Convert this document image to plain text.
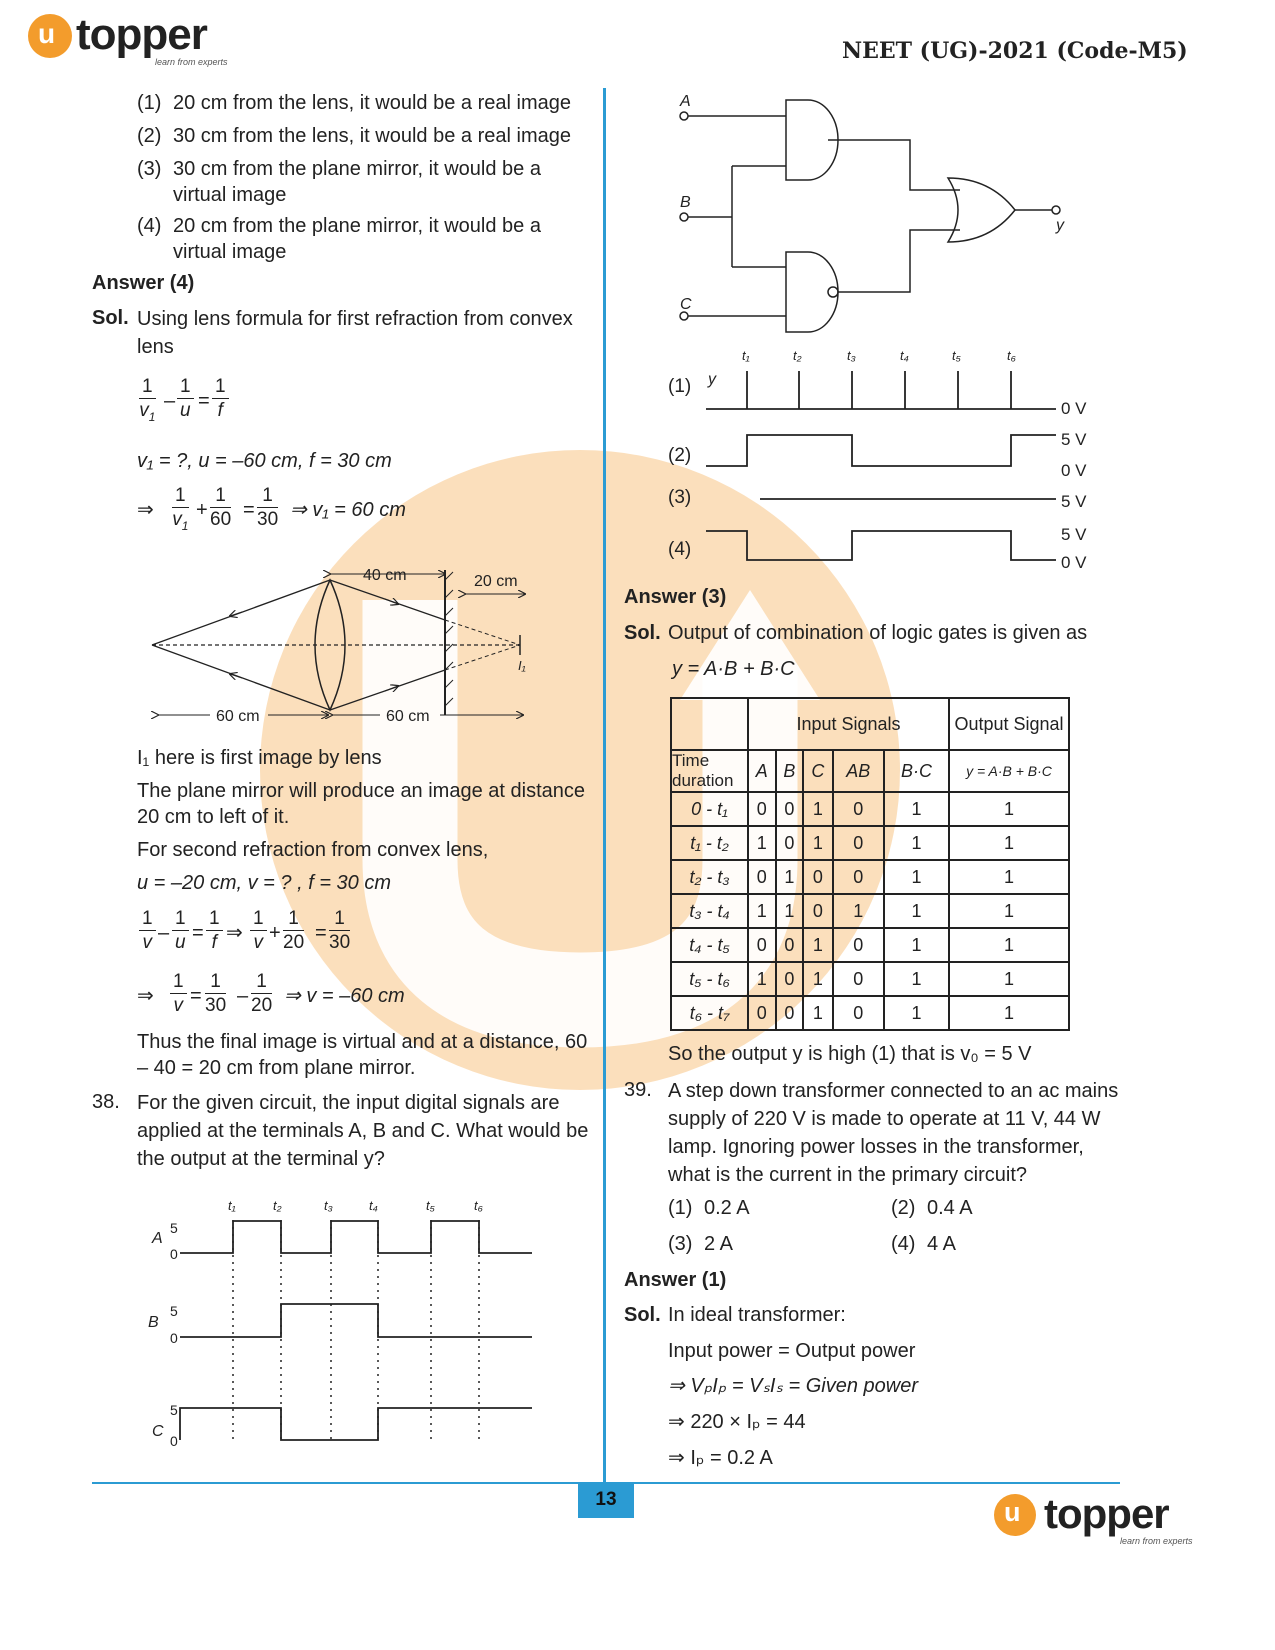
u topper
learn from experts	NEET (UG)-2021 (Code-M5)
(1) 20 cm from the lens, it would be a real image
(2) 30 cm from the lens, it would be a real image
(3) 30 cm from the plane mirror, it would be a virtual image
(4) 20 cm from the plane mirror, it would be a virtual image
Answer (4)
Sol. Using lens formula for first refraction from convex lens
$\frac{1}{v_1} - \frac{1}{u} = \frac{1}{f}$
v₁ = ?, u = –60 cm, f = 30 cm
⇒ $\frac{1}{v_1} + \frac{1}{60} = \frac{1}{30}$ ⇒ v₁ = 60 cm
40 cm	20 cm
60 cm	60 cm
I₁
I₁ here is first image by lens
The plane mirror will produce an image at distance 20 cm to left of it.
For second refraction from convex lens,
u = –20 cm, v = ? , f = 30 cm
$\frac{1}{v} - \frac{1}{u} = \frac{1}{f}$ ⇒ $\frac{1}{v} + \frac{1}{20} = \frac{1}{30}$
⇒ $\frac{1}{v} = \frac{1}{30} - \frac{1}{20}$ ⇒ v = –60 cm
Thus the final image is virtual and at a distance, 60 – 40 = 20 cm from plane mirror.
38. For the given circuit, the input digital signals are applied at the terminals A, B and C. What would be the output at the terminal y?
t₁	t₂	t₃	t₄	t₅	t₆
A
5
0
B
5
0
C
5
0
A
B
C
y
t₁	t₂	t₃	t₄	t₅	t₆
(1) y
(2)
(3)
(4)
0 V
5 V
0 V
5 V
5 V
0 V
Answer (3)
Sol. Output of combination of logic gates is given as
y = A·B + B·C
	Input Signals					Output Signal
Time duration	A	B	C	AB	B·C	y = A·B + B·C
0 - t₁	0	0	1	0	1	1
t₁ - t₂	1	0	1	0	1	1
t₂ - t₃	0	1	0	0	1	1
t₃ - t₄	1	1	0	1	1	1
t₄ - t₅	0	0	1	0	1	1
t₅ - t₆	1	0	1	0	1	1
t₆ - t₇	0	0	1	0	1	1
So the output y is high (1) that is v₀ = 5 V
39. A step down transformer connected to an ac mains supply of 220 V is made to operate at 11 V, 44 W lamp. Ignoring power losses in the transformer, what is the current in the primary circuit?
(1) 0.2 A	(2) 0.4 A
(3) 2 A	(4) 4 A
Answer (1)
Sol. In ideal transformer:
Input power = Output power
⇒ VₚIₚ = VₛIₛ = Given power
⇒ 220 × Iₚ = 44
⇒ Iₚ = 0.2 A
13	u topper
learn from experts
